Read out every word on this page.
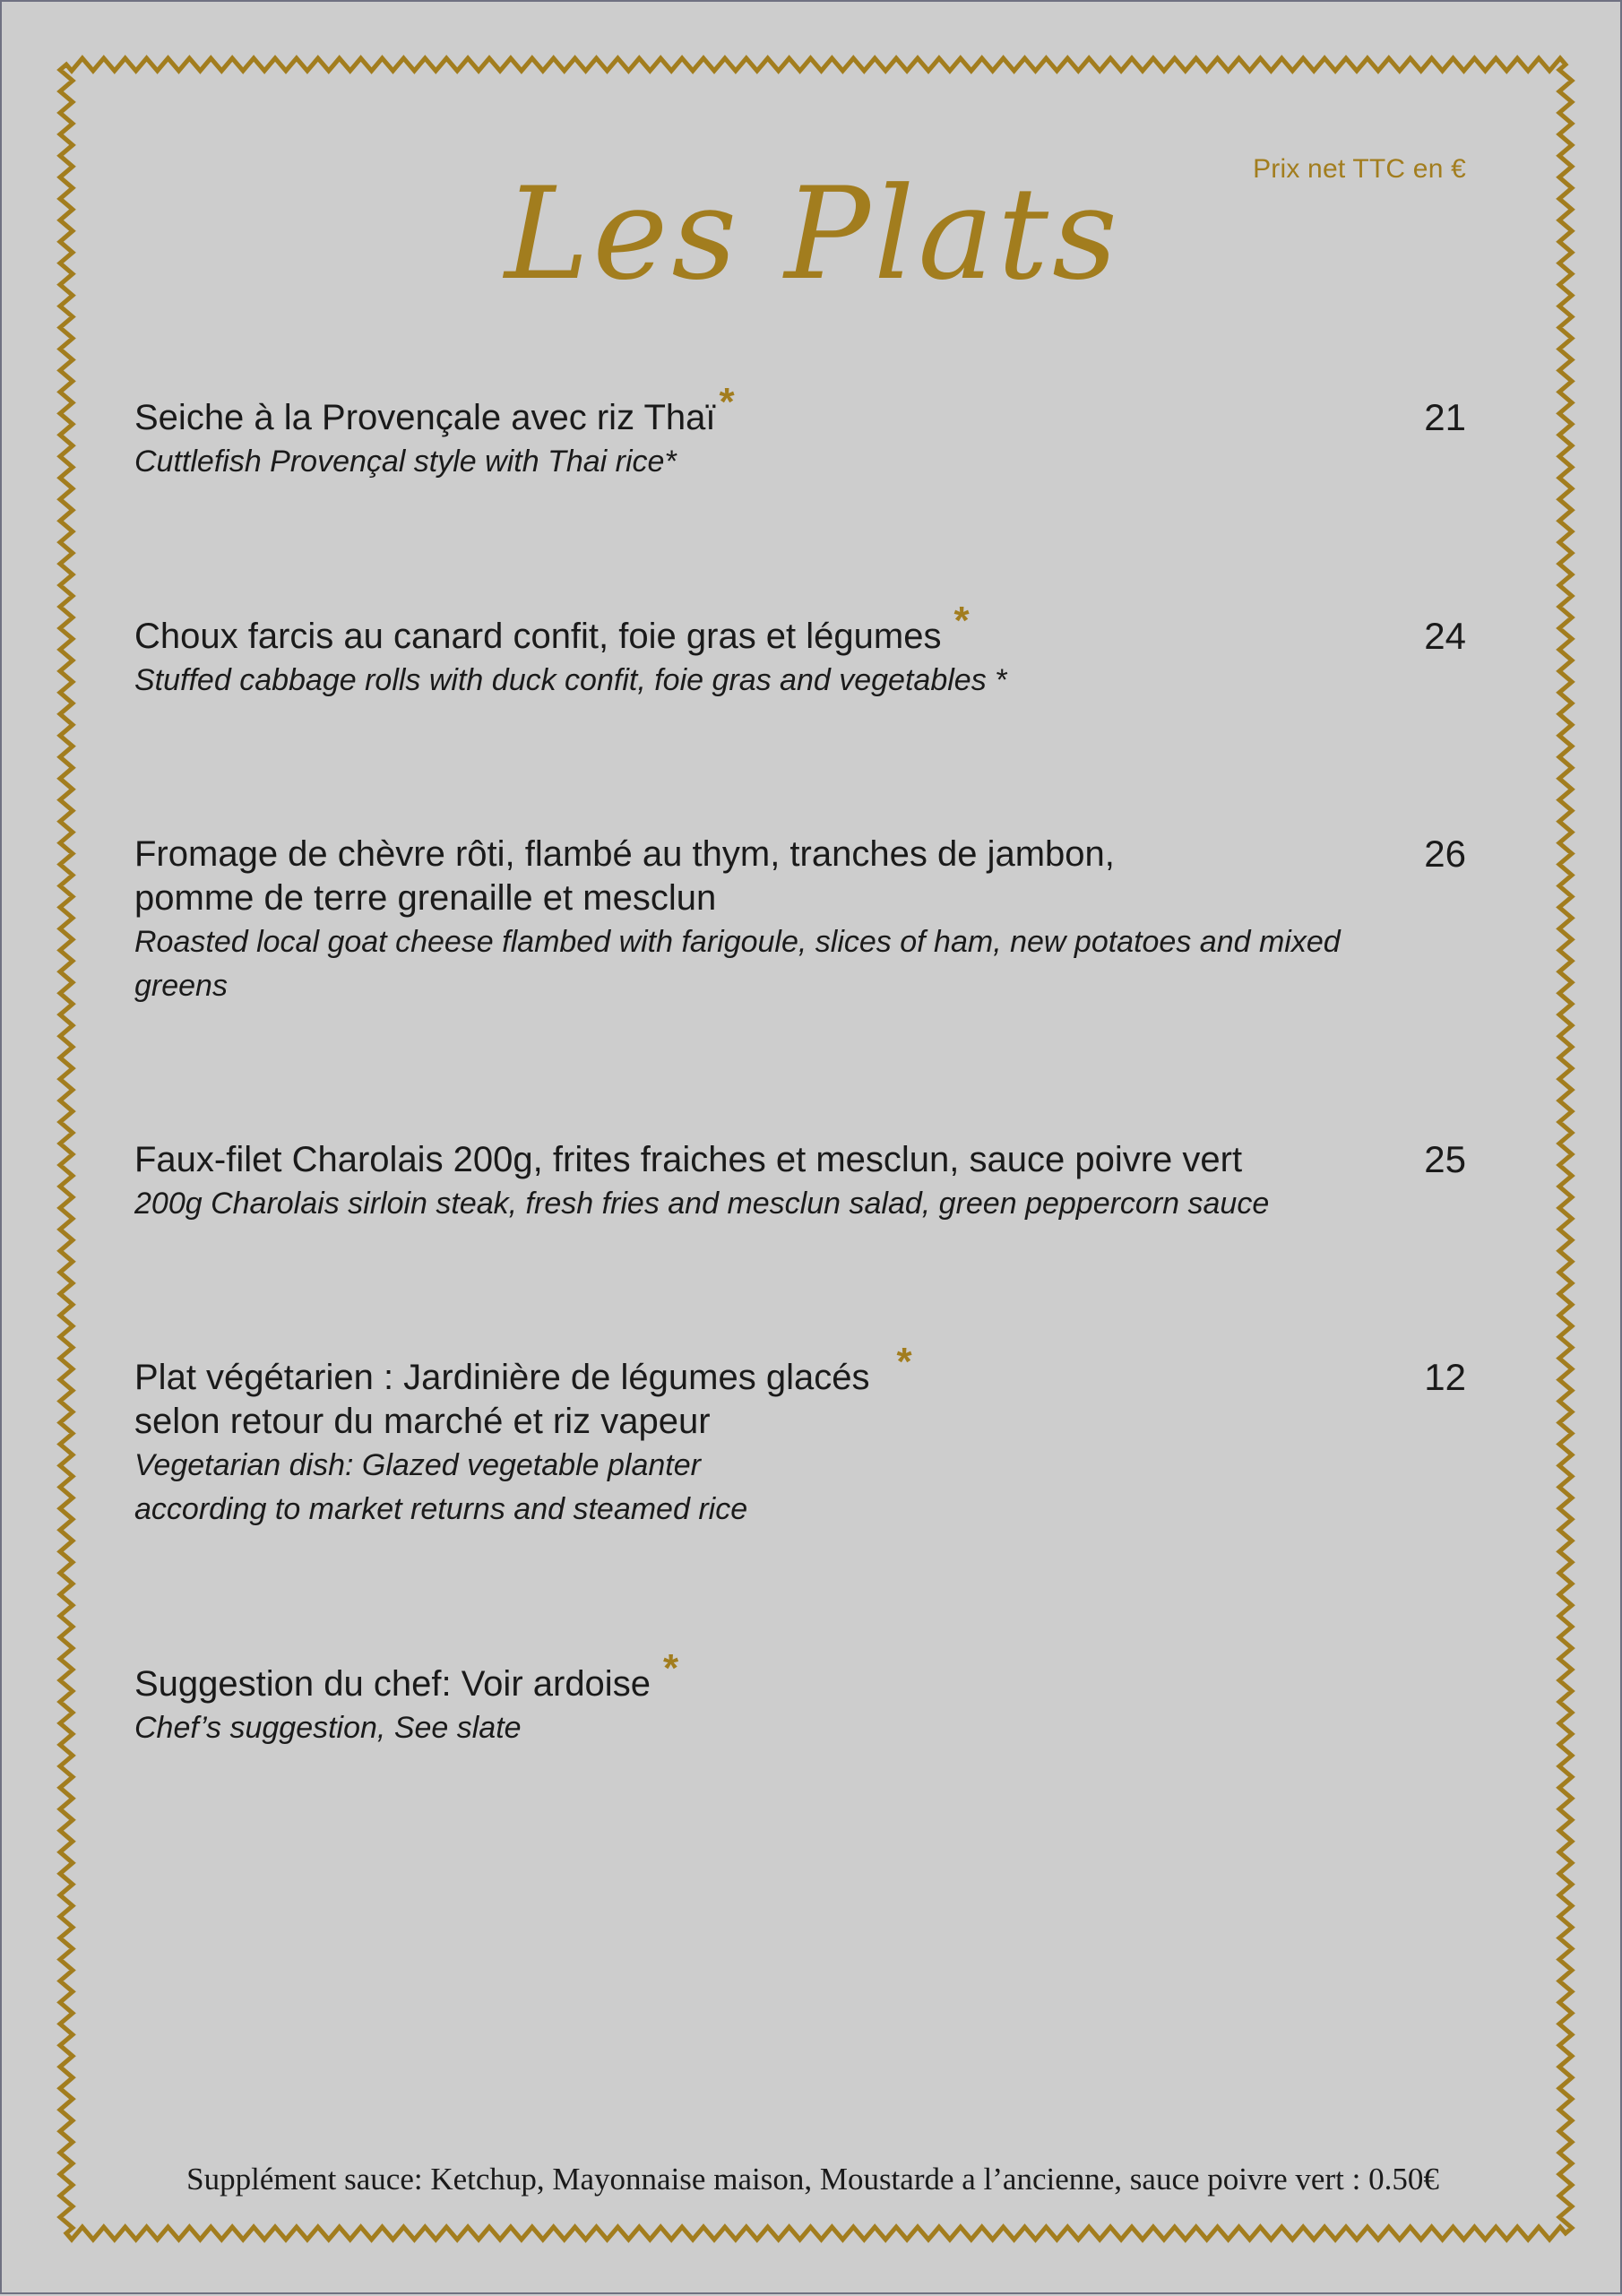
Prix net TTC en €
Les Plats
Seiche à la Provençale avec riz Thaï *
Cuttlefish Provençal style with Thai rice*
21
Choux farcis au canard confit, foie gras et légumes *
Stuffed cabbage rolls with duck confit, foie gras and vegetables *
24
Fromage de chèvre rôti, flambé au thym, tranches de jambon,
pomme de terre grenaille et mesclun
Roasted local goat cheese flambed with farigoule, slices of ham, new potatoes and mixed
greens
26
Faux-filet Charolais 200g, frites fraiches et mesclun, sauce poivre vert
200g Charolais sirloin steak, fresh fries and mesclun salad, green peppercorn sauce
25
Plat végétarien : Jardinière de légumes glacés *
selon retour du marché et riz vapeur
Vegetarian dish: Glazed vegetable planter
according to market returns and steamed rice
12
Suggestion du chef: Voir ardoise *
Chef’s suggestion, See slate
Supplément sauce: Ketchup, Mayonnaise maison, Moustarde a l’ancienne, sauce poivre vert : 0.50€
